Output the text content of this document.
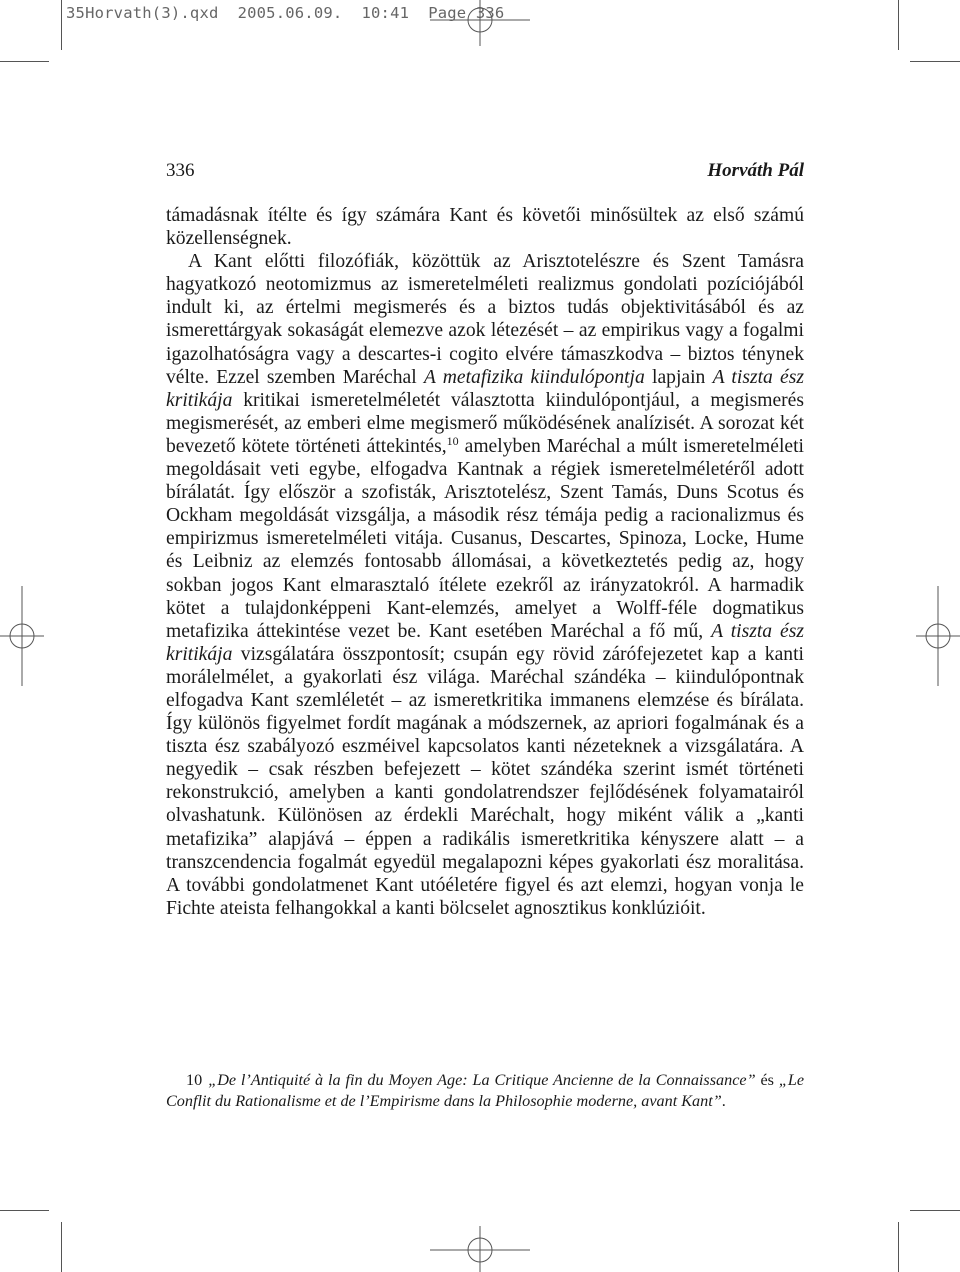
35Horvath(3).qxd  2005.06.09.  10:41  Page 336
336	Horváth Pál

támadásnak ítélte és így számára Kant és követői minősültek az első számú közellenségnek.

A Kant előtti filozófiák, közöttük az Arisztotelészre és Szent Tamásra hagyatkozó neotomizmus az ismeretelméleti realizmus gondolati pozíciójából indult ki, az értelmi megismerés és a biztos tudás objektivitásából és az ismerettárgyak sokaságát elemezve azok létezését – az empirikus vagy a fogalmi igazolhatóságra vagy a descartes-i cogito elvére támaszkodva – biztos ténynek vélte. Ezzel szemben Maréchal A metafizika kiindulópontja lapjain A tiszta ész kritikája kritikai ismeretelméletét választotta kiindulópontjául, a megismerés megismerését, az emberi elme megismerő működésének analízisét. A sorozat két bevezető kötete történeti áttekintés,$^{10}$ amelyben Maréchal a múlt ismeretelméleti megoldásait veti egybe, elfogadva Kantnak a régiek ismeretelméletéről adott bírálatát. Így először a szofisták, Arisztotelész, Szent Tamás, Duns Scotus és Ockham megoldását vizsgálja, a második rész témája pedig a racionalizmus és empirizmus ismeretelméleti vitája. Cusanus, Descartes, Spinoza, Locke, Hume és Leibniz az elemzés fontosabb állomásai, a következtetés pedig az, hogy sokban jogos Kant elmarasztaló ítélete ezekről az irányzatokról. A harmadik kötet a tulajdonképpeni Kant-elemzés, amelyet a Wolff-féle dogmatikus metafizika áttekintése vezet be. Kant esetében Maréchal a fő mű, A tiszta ész kritikája vizsgálatára összpontosít; csupán egy rövid zárófejezetet kap a kanti morálelmélet, a gyakorlati ész világa. Maréchal szándéka – kiindulópontnak elfogadva Kant szemléletét – az ismeretkritika immanens elemzése és bírálata. Így különös figyelmet fordít magának a módszernek, az apriori fogalmának és a tiszta ész szabályozó eszméivel kapcsolatos kanti nézeteknek a vizsgálatára. A negyedik – csak részben befejezett – kötet szándéka szerint ismét történeti rekonstrukció, amelyben a kanti gondolatrendszer fejlődésének folyamatairól olvashatunk. Különösen az érdekli Maréchalt, hogy miként válik a „kanti metafizika” alapjává – éppen a radikális ismeretkritika kényszere alatt – a transzcendencia fogalmát egyedül megalapozni képes gyakorlati ész moralitása. A további gondolatmenet Kant utóéletére figyel és azt elemzi, hogyan vonja le Fichte ateista felhangokkal a kanti bölcselet agnosztikus konklúzióit.

10 „De l’Antiquité à la fin du Moyen Age: La Critique Ancienne de la Connaissance” és „Le Conflit du Rationalisme et de l’Empirisme dans la Philosophie moderne, avant Kant”.
